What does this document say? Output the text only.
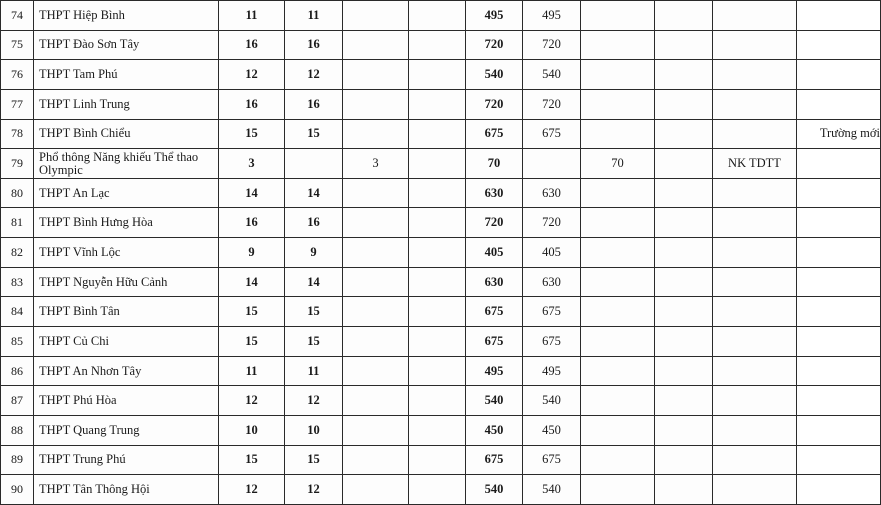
74	THPT Hiệp Bình	11	11			495	495				
75	THPT Đào Sơn Tây	16	16			720	720				
76	THPT Tam Phú	12	12			540	540				
77	THPT Linh Trung	16	16			720	720				
78	THPT Bình Chiểu	15	15			675	675				Trường mới
79	Phổ thông Năng khiếu Thể thao Olympic	3		3		70		70		NK TDTT	
80	THPT An Lạc	14	14			630	630				
81	THPT Bình Hưng Hòa	16	16			720	720				
82	THPT Vĩnh Lộc	9	9			405	405				
83	THPT Nguyễn Hữu Cảnh	14	14			630	630				
84	THPT Bình Tân	15	15			675	675				
85	THPT Củ Chi	15	15			675	675				
86	THPT An Nhơn Tây	11	11			495	495				
87	THPT Phú Hòa	12	12			540	540				
88	THPT Quang Trung	10	10			450	450				
89	THPT Trung Phú	15	15			675	675				
90	THPT Tân Thông Hội	12	12			540	540				
